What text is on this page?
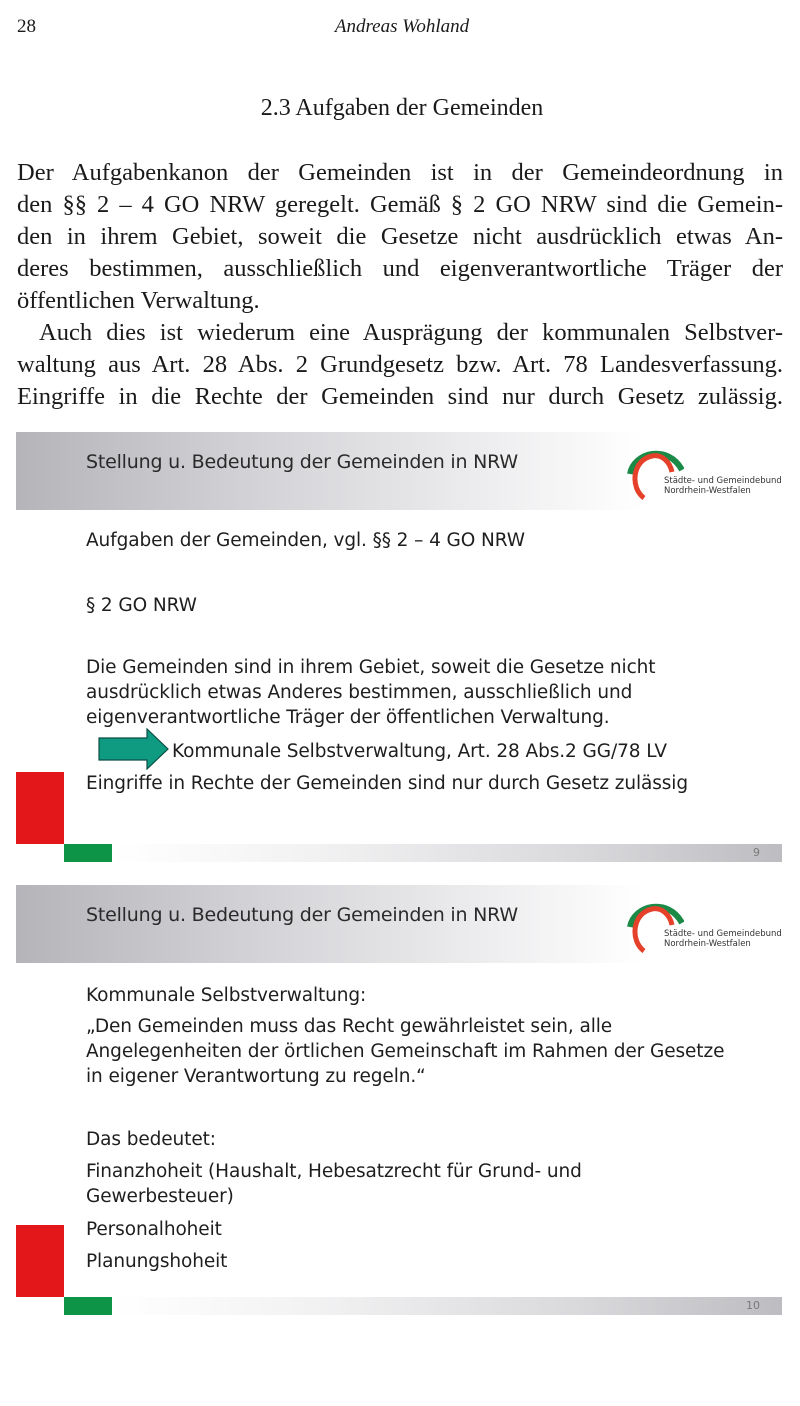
28	Andreas Wohland
2.3 Aufgaben der Gemeinden

Der Aufgabenkanon der Gemeinden ist in der Gemeindeordnung in
den §§ 2 – 4 GO NRW geregelt. Gemäß § 2 GO NRW sind die Gemein-
den in ihrem Gebiet, soweit die Gesetze nicht ausdrücklich etwas An-
deres bestimmen, ausschließlich und eigenverantwortliche Träger der
öffentlichen Verwaltung.

Auch dies ist wiederum eine Ausprägung der kommunalen Selbstver-
waltung aus Art. 28 Abs. 2 Grundgesetz bzw. Art. 78 Landesverfassung.
Eingriffe in die Rechte der Gemeinden sind nur durch Gesetz zulässig.

Stellung u. Bedeutung der Gemeinden in NRW
Städte- und Gemeindebund
Nordrhein-Westfalen
Aufgaben der Gemeinden, vgl. §§ 2 – 4 GO NRW
§ 2 GO NRW
Die Gemeinden sind in ihrem Gebiet, soweit die Gesetze nicht
ausdrücklich etwas Anderes bestimmen, ausschließlich und
eigenverantwortliche Träger der öffentlichen Verwaltung.
Kommunale Selbstverwaltung, Art. 28 Abs.2 GG/78 LV
Eingriffe in Rechte der Gemeinden sind nur durch Gesetz zulässig
9
Stellung u. Bedeutung der Gemeinden in NRW
Städte- und Gemeindebund
Nordrhein-Westfalen
Kommunale Selbstverwaltung:
„Den Gemeinden muss das Recht gewährleistet sein, alle
Angelegenheiten der örtlichen Gemeinschaft im Rahmen der Gesetze
in eigener Verantwortung zu regeln.“
Das bedeutet:
Finanzhoheit (Haushalt, Hebesatzrecht für Grund- und
Gewerbesteuer)
Personalhoheit
Planungshoheit
10
